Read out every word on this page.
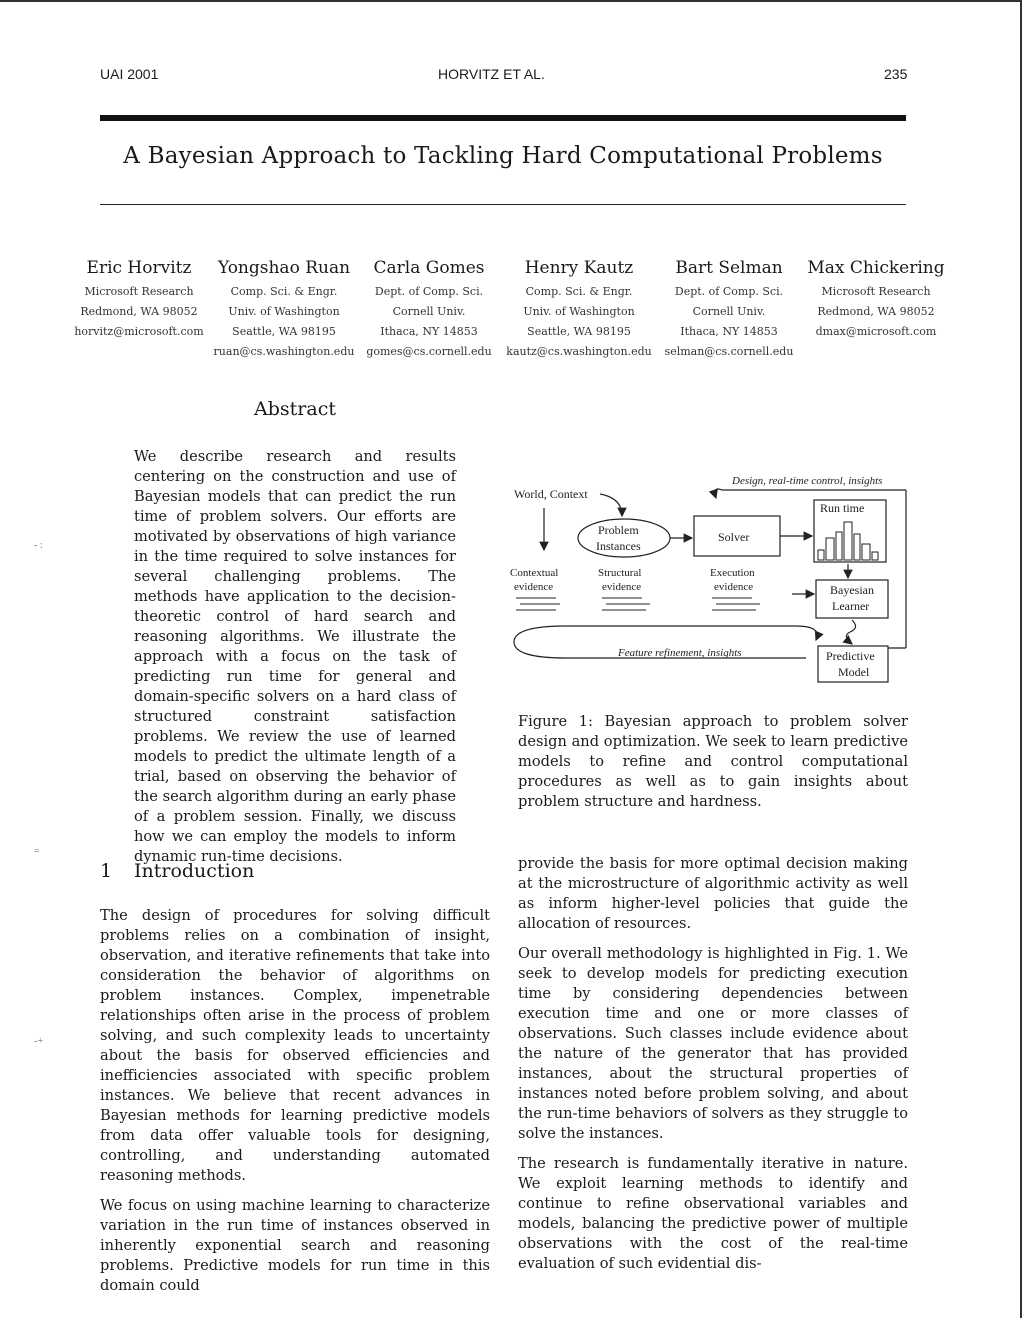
UAI 2001	HORVITZ ET AL.	235
A Bayesian Approach to Tackling Hard Computational Problems
Eric Horvitz
Microsoft Research
Redmond, WA 98052
horvitz@microsoft.com
Yongshao Ruan
Comp. Sci. & Engr.
Univ. of Washington
Seattle, WA 98195
ruan@cs.washington.edu
Carla Gomes
Dept. of Comp. Sci.
Cornell Univ.
Ithaca, NY 14853
gomes@cs.cornell.edu
Henry Kautz
Comp. Sci. & Engr.
Univ. of Washington
Seattle, WA 98195
kautz@cs.washington.edu
Bart Selman
Dept. of Comp. Sci.
Cornell Univ.
Ithaca, NY 14853
selman@cs.cornell.edu
Max Chickering
Microsoft Research
Redmond, WA 98052
dmax@microsoft.com
Abstract
We describe research and results centering on the construction and use of Bayesian models that can predict the run time of problem solvers. Our efforts are motivated by observations of high variance in the time required to solve instances for several challenging problems. The methods have application to the decision-theoretic control of hard search and reasoning algorithms. We illustrate the approach with a focus on the task of predicting run time for general and domain-specific solvers on a hard class of structured constraint satisfaction problems. We review the use of learned models to predict the ultimate length of a trial, based on observing the behavior of the search algorithm during an early phase of a problem session. Finally, we discuss how we can employ the models to inform dynamic run-time decisions.
World, Context
Design, real-time control, insights
Problem
Instances
Solver
Run time
Contextual
evidence
Structural
evidence
Execution
evidence	Bayesian
Learner
Predictive
Model
Feature refinement, insights
Figure 1: Bayesian approach to problem solver design and optimization. We seek to learn predictive models to refine and control computational procedures as well as to gain insights about problem structure and hardness.
1 Introduction

The design of procedures for solving difficult problems relies on a combination of insight, observation, and iterative refinements that take into consideration the behavior of algorithms on problem instances. Complex, impenetrable relationships often arise in the process of problem solving, and such complexity leads to uncertainty about the basis for observed efficiencies and inefficiencies associated with specific problem instances. We believe that recent advances in Bayesian methods for learning predictive models from data offer valuable tools for designing, controlling, and understanding automated reasoning methods.

We focus on using machine learning to characterize variation in the run time of instances observed in inherently exponential search and reasoning problems. Predictive models for run time in this domain could

provide the basis for more optimal decision making at the microstructure of algorithmic activity as well as inform higher-level policies that guide the allocation of resources.

Our overall methodology is highlighted in Fig. 1. We seek to develop models for predicting execution time by considering dependencies between execution time and one or more classes of observations. Such classes include evidence about the nature of the generator that has provided instances, about the structural properties of instances noted before problem solving, and about the run-time behaviors of solvers as they struggle to solve the instances.

The research is fundamentally iterative in nature. We exploit learning methods to identify and continue to refine observational variables and models, balancing the predictive power of multiple observations with the cost of the real-time evaluation of such evidential dis-

- :
=
-+
